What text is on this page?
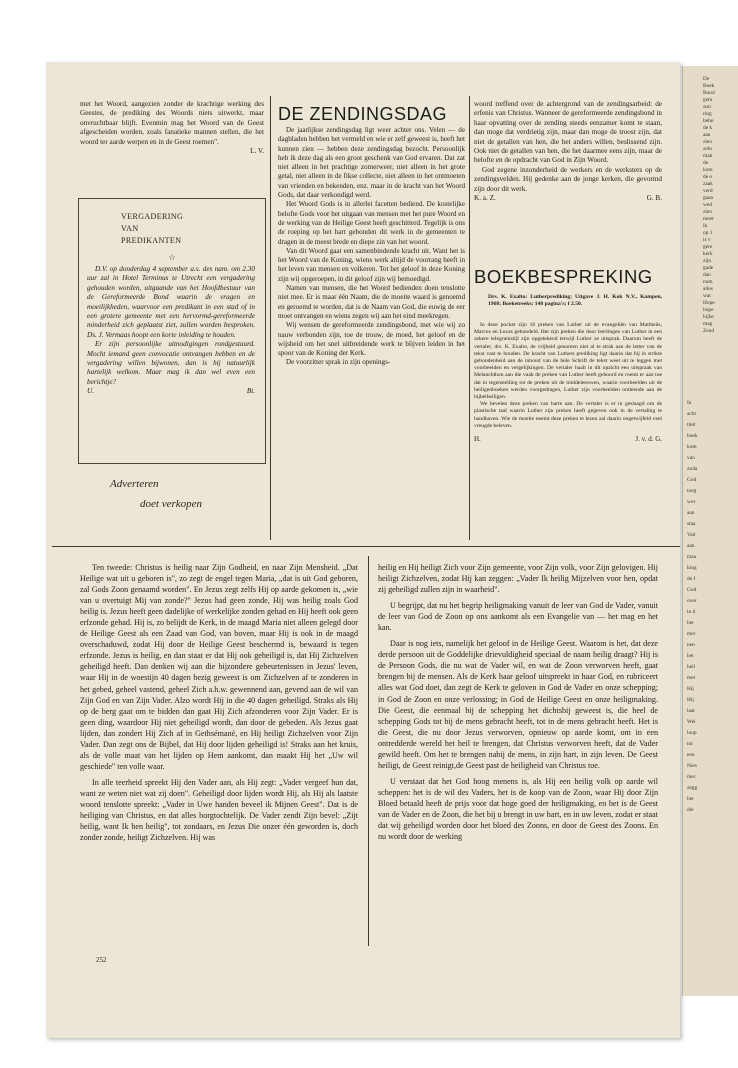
De
Boek
Bond
gem
zon
ring
beho
de k
aan
zien
zeln
mak
de
kom
de o
zaak
verd
gaan
wed
zien
meer
In
op 1
is v
gere
kerk
zijn
gade
dan
nom
alles
wat
Hope
hope
bijbe
mag
Zend
In
acht
titel
boek
kom
van
zoda
God
toeg
wor
aan
staa
Vad
aan
maa
king
de I
God
over
in d
het
mer
nen
het
heil
met
Hij
Hij
laat
Wel
loop
tot
een
Niev
mer
zegg
het
die

met het Woord, aangezien zonder de krachtige werking des Geestes, de prediking des Woords niets uitwerkt, maar onvruchtbaar blijft. Evenmin mag het Woord van de Geest afgescheiden worden, zoals fanatieke mannen stellen, die het woord ter aarde werpen en in de Geest roemen".

L. V.
VERGADERING
VAN
PREDIKANTEN
☆

D.V. op donderdag 4 september a.s. des nam. om 2.30 uur zal in Hotel Terminus te Utrecht een vergadering gehouden worden, uitgaande van het Hoofdbestuur van de Gereformeerde Bond waarin de vragen en moeilijkheden, waarvoor een predikant in een stad of in een grotere gemeente met een hervormd-gereformeerde minderheid zich geplaatst ziet, zullen worden besproken. Ds. J. Vermaas hoopt een korte inleiding te houden.

Er zijn persoonlijke uitnodigingen rondgestuurd. Mocht iemand geen convocatie ontvangen hebben en de vergadering willen bijwonen, dan is hij natuurlijk hartelijk welkom. Maar mag ik dan wel even een berichtje?

U.	Bt.
Adverteren
doet verkopen
DE ZENDINGSDAG

De jaarlijkse zendingsdag ligt weer achter ons. Velen — de dagbladen hebben het vermeld en wie er zelf geweest is, heeft het kunnen zien — hebben deze zendingsdag bezocht. Persoonlijk heb ik deze dag als een groot geschenk van God ervaren. Dat zat niet alleen in het prachtige zomerweer, niet alleen in het grote getal, niet alleen in de fikse collecte, niet alleen in het ontmoeten van vrienden en bekenden, enz. maar in de kracht van het Woord Gods, dat daar verkondigd werd.

Het Woord Gods is in allerlei facetten bediend. De kostelijke belofte Gods voor het uitgaan van mensen met het pure Woord en de werking van de Heilige Geest heeft geschitterd. Tegelijk is ons de roeping op het hart gebonden dit werk in de gemeenten te dragen in de meest brede en diepe zin van het woord.

Van dit Woord gaat een samenbindende kracht uit. Want het is het Woord van de Koning, wiens werk altijd de voorrang heeft in het leven van mensen en volkeren. Tot het geloof in deze Koning zijn wij opgeroepen, in dit geloof zijn wij bemoedigd.

Namen van mensen, die het Woord bedienden doen tenslotte niet mee. Er is maar één Naam, die de moeite waard is genoemd en geroemd te worden, dat is de Naam van God, die euwig de eer moet ontvangen en wiens zegen wij aan het eind meekregen.

Wij wensen de gereformeerde zendingsbond, met wie wij zo nauw verbonden zijn, toe de trouw, de moed, het geloof en de wijsheid om het snel uitbreidende werk te blijven leiden in het spoor van de Koning der Kerk.

De voorzitter sprak in zijn openings-

woord treffend over de achtergrond van de zendingsarbeid: de erfenis van Christus. Wanneer de gereformeerde zendingsbond in haar opvatting over de zending steeds eenzamer komt te staan, dan moge dat verdrietig zijn, maar dan moge de troost zijn, dat niet de getallen van hen, die het anders willen, beslissend zijn. Ook niet de getallen van hen, die het daarmee eens zijn, maar de belofte en de opdracht van God in Zijn Woord.

God zegene inzonderheid de werkers en de werksters op de zendingsvelden. Hij gedenke aan de jonge kerken, die gevormd zijn door dit werk.

K. a. Z.	G. B.
BOEKBESPREKING
Drs. K. Exalto: Lutherprediking; Uitgave J. H. Kok N.V., Kampen, 1968; Boeketreeks; 148 pagina's; f 2.50.

In deze pocket zijn 16 preken van Luther uit de evangeliën van Mattheüs, Marcus en Lucas gebundeld. Het zijn preken die door leerlingen van Luther in een zekere telegramstijl zijn opgetekend terwijl Luther ze uitsprak. Daarom heeft de vertaler, drs. K. Exalto, de vrijheid genomen niet al te strak aan de letter van de tekst vast te houden. De kracht van Luthers prediking ligt daarin dat hij in strikte gebondenheid aan de inhoud van de hele Schrift de tekst weet uit te leggen met voorbeelden en vergelijkingen. De vertaler haalt in dit opzicht een uitspraak van Melanchthon aan die vaak de preken van Luther heeft gehoord en roemt er aan toe dat in tegenstelling tot de preken uit de middeleeuwen, waarin voorbeelden uit de heiligenboeken werden voorgedragen, Luther zijn voorbeelden ontleende aan de bijbelheiligen.

We bevelen deze preken van harte aan. De vertaler is er in geslaagd om de plastische taal waarin Luther zijn preken heeft gegeven ook in de vertaling te handhaven. Wie de moeite neemt deze preken te lezen zal daarin ongetwijfeld veel vreugde beleven.

H.	J. v. d. G.

Ten tweede: Christus is heilig naar Zijn Godheid, en naar Zijn Mensheid. „Dat Heilige wat uit u geboren is", zo zegt de engel tegen Maria, „dat is uit God geboren, zal Gods Zoon genaamd worden". En Jezus zegt zelfs Hij op aarde gekomen is, „wie van u overtuigt Mij van zonde?" Jezus had geen zonde, Hij was heilig zoals God heilig is. Jezus heeft geen dadelijke of werkelijke zonden gehad en Hij heeft ook geen erfzonde gehad. Hij is, zo belijdt de Kerk, in de maagd Maria niet alleen gelegd door de Heilige Geest als een Zaad van God, van boven, maar Hij is ook in de maagd overschaduwd, zodat Hij door de Heilige Geest beschermd is, bewaard is tegen erfzonde. Jezus is heilig, en dan staat er dat Hij ook geheiligd is, dat Hij Zichzelven geheiligd heeft. Dan denken wij aan die bijzondere gebeurtenissen in Jezus' leven, waar Hij in de woestijn 40 dagen bezig geweest is om Zichzelven af te zonderen in het gebed, geheel vastend, geheel Zich a.h.w. gewennend aan, gevend aan de wil van Zijn God en van Zijn Vader. Alzo wordt Hij in die 40 dagen geheiligd. Straks als Hij op de berg gaat om te bidden dan gaat Hij Zich afzonderen voor Zijn Vader. Er is geen ding, waardoor Hij niet geheiligd wordt, dan door de gebeden. Als Jezus gaat lijden, dan zondert Hij Zich af in Gethsémané, en Hij heiligt Zichzelven voor Zijn Vader. Dan zegt ons de Bijbel, dat Hij door lijden geheiligd is! Straks aan het kruis, als de volle maat van het lijden op Hem aankomt, dan maakt Hij het „Uw wil geschiede" ten volle waar.

In alle teerheid spreekt Hij den Vader aan, als Hij zegt: „Vader vergeef hun dat, want ze weten niet wat zij doen". Geheiligd door lijden wordt Hij, als Hij als laatste woord tenslotte spreekt: „Vader in Uwe handen beveel ik Mijnen Geest". Dat is de heiliging van Christus, en dat alles borgtochtelijk. De Vader zendt Zijn bevel: „Zijt heilig, want Ik ben heilig", tot zondaars, en Jezus Die onzer één geworden is, doch zonder zonde, heiligt Zichzelven. Hij was

heilig en Hij heiligt Zich voor Zijn gemeente, voor Zijn volk, voor Zijn gelovigen. Hij heiligt Zichzelven, zodat Hij kan zeggen: „Vader Ik heilig Mijzelven voor hen, opdat zij geheiligd zullen zijn in waarheid".

U begrijpt, dat nu het begrip heiligmaking vanuit de leer van God de Vader, vanuit de leer van God de Zoon op ons aankomt als een Evangelie van — het mag en het kan.

Daar is nog iets, namelijk het geloof in de Heilige Geest. Waarom is het, dat deze derde persoon uit de Goddelijke drievuldigheid speciaal de naam heilig draagt? Hij is de Persoon Gods, die nu wat de Vader wil, en wat de Zoon verworven heeft, gaat brengen bij de mensen. Als de Kerk haar geloof uitspreekt in haar God, en rubriceert alles wat God doet, dan zegt de Kerk te geloven in God de Vader en onze schepping; in God de Zoon en onze verlossing; in God de Heilige Geest en onze heiligmaking. Die Geest, die eenmaal bij de schepping het dichtsbij geweest is, die heel de schepping Gods tot bij de mens gebracht heeft, tot in de mens gebracht heeft. Het is die Geest, die nu door Jezus verworven, opnieuw op aarde komt, om in een ontredderde wereld het heil te brengen, dat Christus verworven heeft, dat de Vader gewild heeft. Om het te brengen nabij de mens, in zijn hart, in zijn leven. De Geest heiligt, de Geest reinigt,de Geest past de heiligheid van Christus toe.

U verstaat dat het God hoog menens is, als Hij een heilig volk op aarde wil scheppen: het is de wil des Vaders, het is de koop van de Zoon, waar Hij door Zijn Bloed betaald heeft de prijs voor dat hoge goed der heiligmaking, en het is de Geest van de Vader en de Zoon, die het bij u brengt in uw hart, en in uw leven, zodat er staat dat wij geheiligd worden door het bloed des Zoons, en door de Geest des Zoons. En nu wordt door de werking

252
